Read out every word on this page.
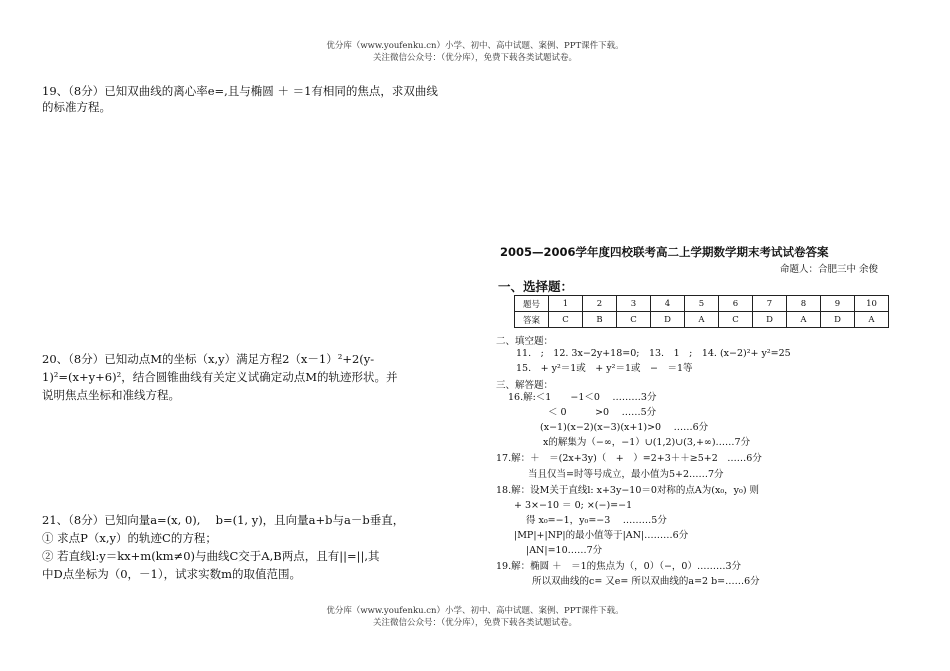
优分库（www.youfenku.cn）小学、初中、高中试题、案例、PPT课件下载。
关注微信公众号：（优分库），免费下载各类试题试卷。
19、（8分）已知双曲线的离心率e=,且与椭圆 ＋ ＝1有相同的焦点，求双曲线
的标准方程。
20、（8分）已知动点M的坐标（x,y）满足方程2（x－1）²+2(y-
1)²=(x+y+6)²，结合圆锥曲线有关定义试确定动点M的轨迹形状。并
说明焦点坐标和准线方程。
21、（8分）已知向量a=(x, 0),　 b=(1, y)，且向量a+b与a－b垂直，
① 求点P（x,y）的轨迹C的方程；
② 若直线l:y＝kx+m(km≠0)与曲线C交于A,B两点，且有||=||,其
中D点坐标为（0，－1），试求实数m的取值范围。
2005—2006学年度四校联考高二上学期数学期末考试试卷答案
命题人：合肥三中 余俊
一、选择题：
题号	1	2	3	4	5	6	7	8	9	10
答案	C	B	C	D	A	C	D	A	D	A
二、填空题：
11.　;　12. 3x−2y+18=0;　13.　1　;　14. (x−2)²+ y²=25
15.　+ y²＝1或　+ y²＝1或　−　＝1等
三、解答题：
16.解:＜1　　−1＜0　 ………3分
＜ 0　　　>0　 ……5分
(x−1)(x−2)(x−3)(x+1)>0　 ……6分
x的解集为（−∞，−1）∪(1,2)∪(3,+∞)……7分
17.解：＋　＝(2x+3y)（　+　）=2+3＋＋≥5+2　……6分
当且仅当=时等号成立，最小值为5+2……7分
18.解：设M关于直线l: x+3y−10＝0对称的点A为(x₀，y₀) 则
+ 3×−10 ＝ 0; ×(−)=−1
得 x₀=−1，y₀=−3　 ………5分
|MP|+|NP|的最小值等于|AN|………6分
|AN|=10……7分
19.解：椭圆 ＋　＝1的焦点为（，0）（−，0）………3分
所以双曲线的c= 又e= 所以双曲线的a=2 b=……6分
优分库（www.youfenku.cn）小学、初中、高中试题、案例、PPT课件下载。
关注微信公众号：（优分库），免费下载各类试题试卷。
